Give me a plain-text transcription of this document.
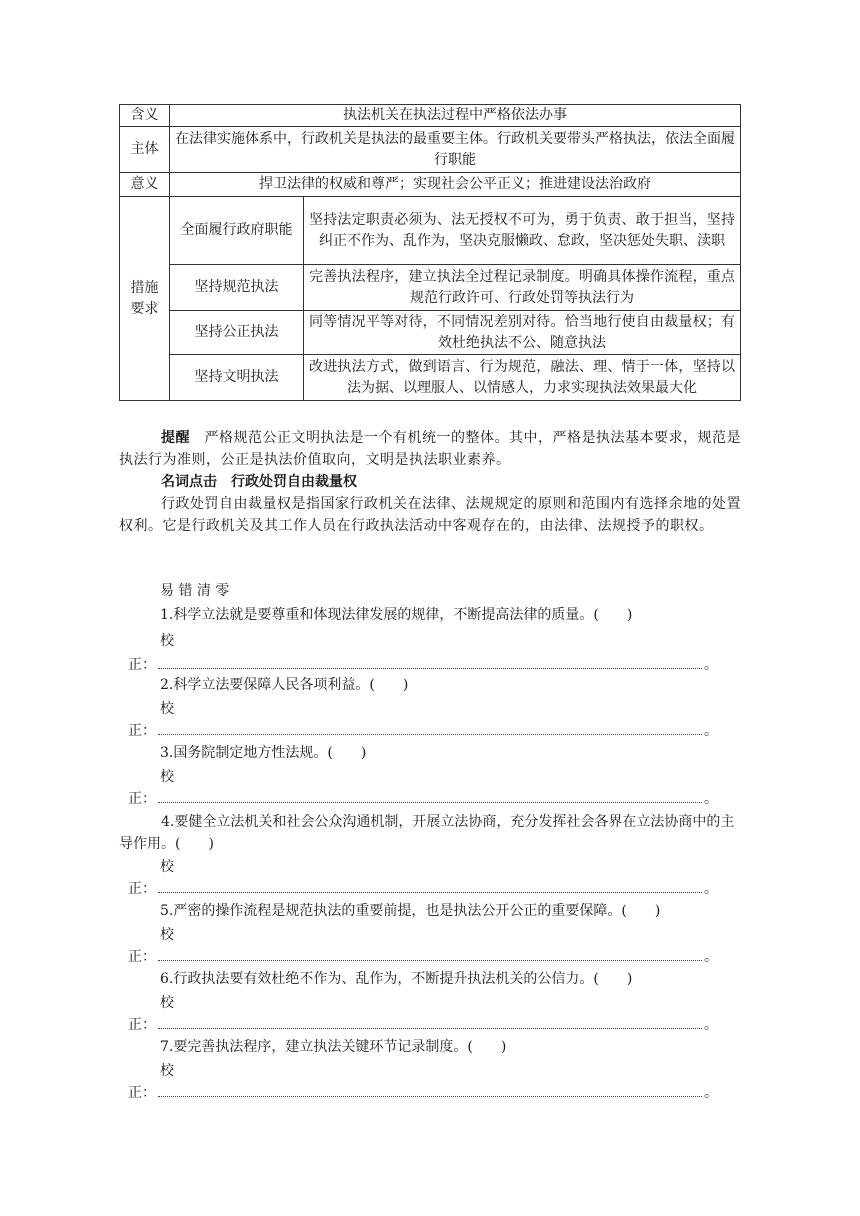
含义	执法机关在执法过程中严格依法办事	
主体	在法律实施体系中，行政机关是执法的最重要主体。行政机关要带头严格执法，依法全面履行职能	
意义	捍卫法律的权威和尊严；实现社会公平正义；推进建设法治政府	
措施要求	全面履行政府职能	坚持法定职责必须为、法无授权不可为，勇于负责、敢于担当，坚持纠正不作为、乱作为，坚决克服懒政、怠政，坚决惩处失职、渎职
	坚持规范执法	完善执法程序，建立执法全过程记录制度。明确具体操作流程，重点规范行政许可、行政处罚等执法行为
	坚持公正执法	同等情况平等对待，不同情况差别对待。恰当地行使自由裁量权；有效杜绝执法不公、随意执法
	坚持文明执法	改进执法方式，做到语言、行为规范，融法、理、情于一体，坚持以法为据、以理服人、以情感人，力求实现执法效果最大化
提醒　 严格规范公正文明执法是一个有机统一的整体。其中，严格是执法基本要求，规范是执法行为准则，公正是执法价值取向，文明是执法职业素养。
名词点击　行政处罚自由裁量权
行政处罚自由裁量权是指国家行政机关在法律、法规规定的原则和范围内有选择余地的处置权利。它是行政机关及其工作人员在行政执法活动中客观存在的，由法律、法规授予的职权。
易 错 清 零
1.科学立法就是要尊重和体现法律发展的规律，不断提高法律的质量。(　　)
校
正：	。
2.科学立法要保障人民各项利益。(　　)
校
正：	。
3.国务院制定地方性法规。(　　)
校
正：	。
4.要健全立法机关和社会公众沟通机制，开展立法协商，充分发挥社会各界在立法协商中的主导作用。(　　)
校
正：	。
5.严密的操作流程是规范执法的重要前提，也是执法公开公正的重要保障。(　　)
校
正：	。
6.行政执法要有效杜绝不作为、乱作为，不断提升执法机关的公信力。(　　)
校
正：	。
7.要完善执法程序，建立执法关键环节记录制度。(　　)
校
正：	。
